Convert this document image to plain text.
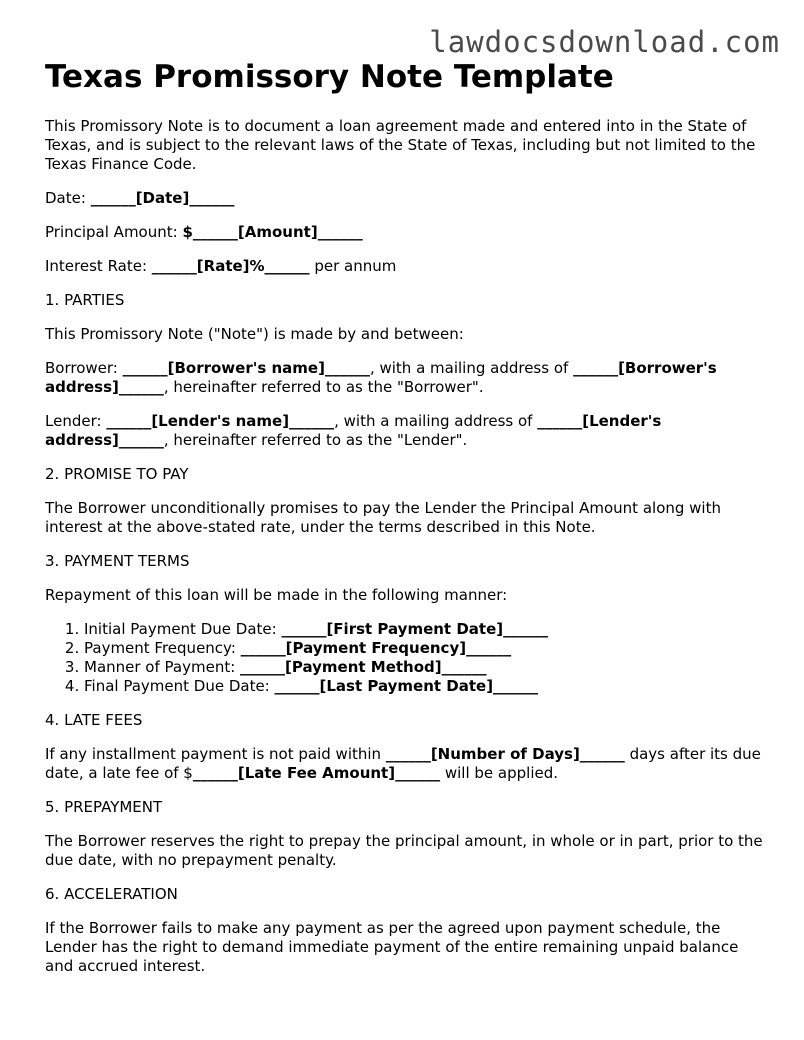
lawdocsdownload.com
Texas Promissory Note Template

This Promissory Note is to document a loan agreement made and entered into in the State of Texas, and is subject to the relevant laws of the State of Texas, including but not limited to the Texas Finance Code.

Date: ______[Date]______

Principal Amount: $______[Amount]______

Interest Rate: ______[Rate]%______ per annum

1. PARTIES

This Promissory Note ("Note") is made by and between:

Borrower: ______[Borrower's name]______, with a mailing address of ______[Borrower's address]______, hereinafter referred to as the "Borrower".

Lender: ______[Lender's name]______, with a mailing address of ______[Lender's address]______, hereinafter referred to as the "Lender".

2. PROMISE TO PAY

The Borrower unconditionally promises to pay the Lender the Principal Amount along with interest at the above-stated rate, under the terms described in this Note.

3. PAYMENT TERMS

Repayment of this loan will be made in the following manner:

1. Initial Payment Due Date: ______[First Payment Date]______
2. Payment Frequency: ______[Payment Frequency]______
3. Manner of Payment: ______[Payment Method]______
4. Final Payment Due Date: ______[Last Payment Date]______

4. LATE FEES

If any installment payment is not paid within ______[Number of Days]______ days after its due date, a late fee of $______[Late Fee Amount]______ will be applied.

5. PREPAYMENT

The Borrower reserves the right to prepay the principal amount, in whole or in part, prior to the due date, with no prepayment penalty.

6. ACCELERATION

If the Borrower fails to make any payment as per the agreed upon payment schedule, the Lender has the right to demand immediate payment of the entire remaining unpaid balance and accrued interest.
